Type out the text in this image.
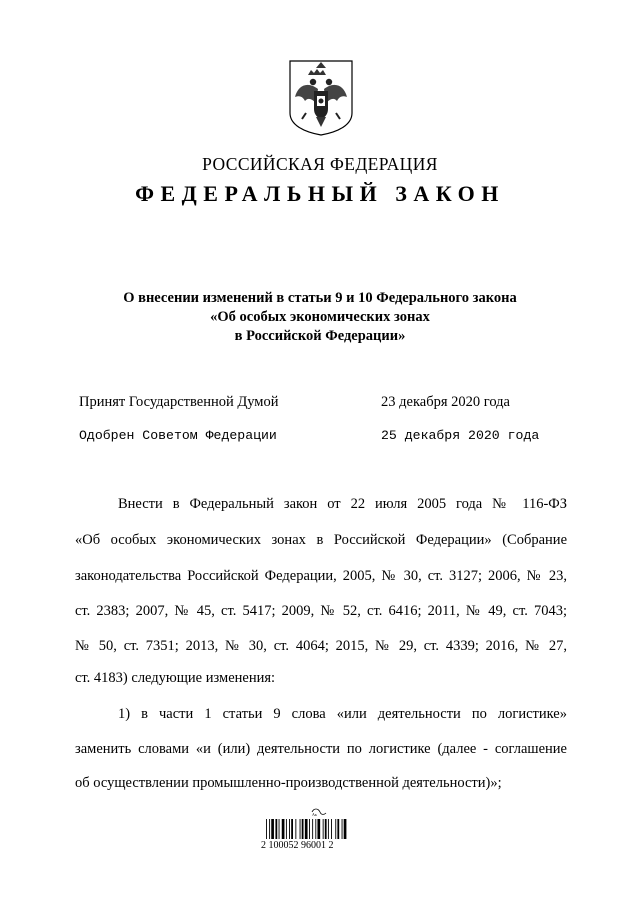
РОССИЙСКАЯ ФЕДЕРАЦИЯ
ФЕДЕРАЛЬНЫЙ ЗАКОН
О внесении изменений в статьи 9 и 10 Федерального закона
«Об особых экономических зонах
в Российской Федерации»
Принят Государственной Думой	23 декабря 2020 года
Одобрен Советом Федерации	25 декабря 2020 года
Внести в Федеральный закон от 22 июля 2005 года № 116-ФЗ
«Об особых экономических зонах в Российской Федерации» (Собрание
законодательства Российской Федерации, 2005, № 30, ст. 3127; 2006, № 23,
ст. 2383; 2007, № 45, ст. 5417; 2009, № 52, ст. 6416; 2011, № 49, ст. 7043;
№ 50, ст. 7351; 2013, № 30, ст. 4064; 2015, № 29, ст. 4339; 2016, № 27,
ст. 4183) следующие изменения:
1) в части 1 статьи 9 слова «или деятельности по логистике»
заменить словами «и (или) деятельности по логистике (далее - соглашение
об осуществлении промышленно-производственной деятельности)»;
Ак
2 100052 96001 2
